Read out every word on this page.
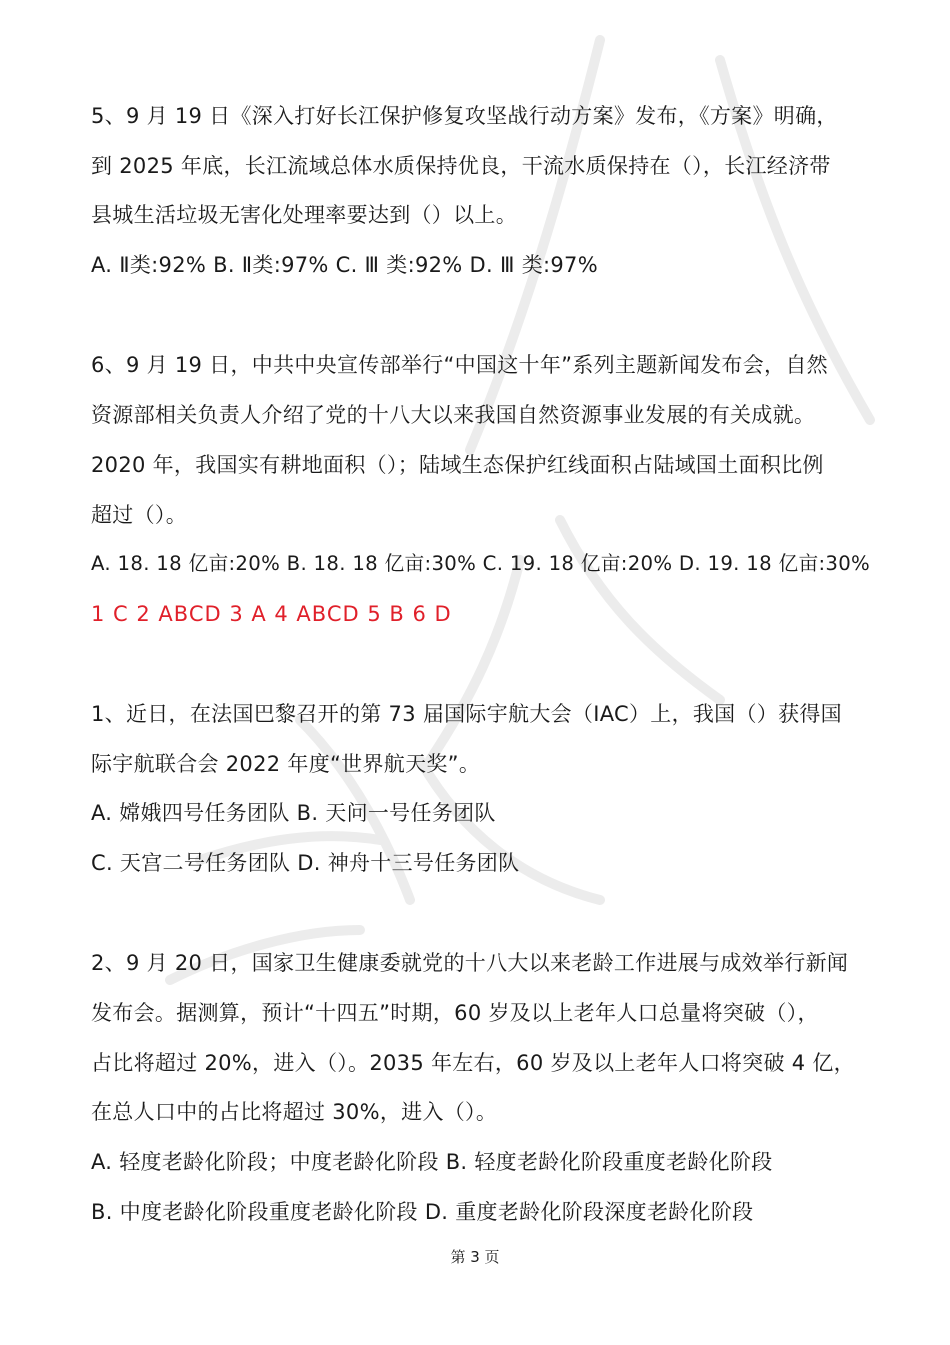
5、9 月 19 日《深入打好长江保护修复攻坚战行动方案》发布，《方案》明确，
到 2025 年底，长江流域总体水质保持优良，干流水质保持在（），长江经济带
县城生活垃圾无害化处理率要达到（）以上。
A. Ⅱ类:92% B. Ⅱ类:97% C. Ⅲ 类:92% D. Ⅲ 类:97%
6、9 月 19 日，中共中央宣传部举行“中国这十年”系列主题新闻发布会，自然
资源部相关负责人介绍了党的十八大以来我国自然资源事业发展的有关成就。
2020 年，我国实有耕地面积（）；陆域生态保护红线面积占陆域国土面积比例
超过（）。
A. 18. 18 亿亩:20% B. 18. 18 亿亩:30% C. 19. 18 亿亩:20% D. 19. 18 亿亩:30%
1 C 2 ABCD 3 A 4 ABCD 5 B 6 D
1、近日，在法国巴黎召开的第 73 届国际宇航大会（IAC）上，我国（）获得国
际宇航联合会 2022 年度“世界航天奖”。
A. 嫦娥四号任务团队 B. 天问一号任务团队
C. 天宫二号任务团队 D. 神舟十三号任务团队
2、9 月 20 日，国家卫生健康委就党的十八大以来老龄工作进展与成效举行新闻
发布会。据测算，预计“十四五”时期，60 岁及以上老年人口总量将突破（），
占比将超过 20%，进入（）。2035 年左右，60 岁及以上老年人口将突破 4 亿，
在总人口中的占比将超过 30%，进入（）。
A. 轻度老龄化阶段；中度老龄化阶段 B. 轻度老龄化阶段重度老龄化阶段
B. 中度老龄化阶段重度老龄化阶段 D. 重度老龄化阶段深度老龄化阶段
第 3 页
